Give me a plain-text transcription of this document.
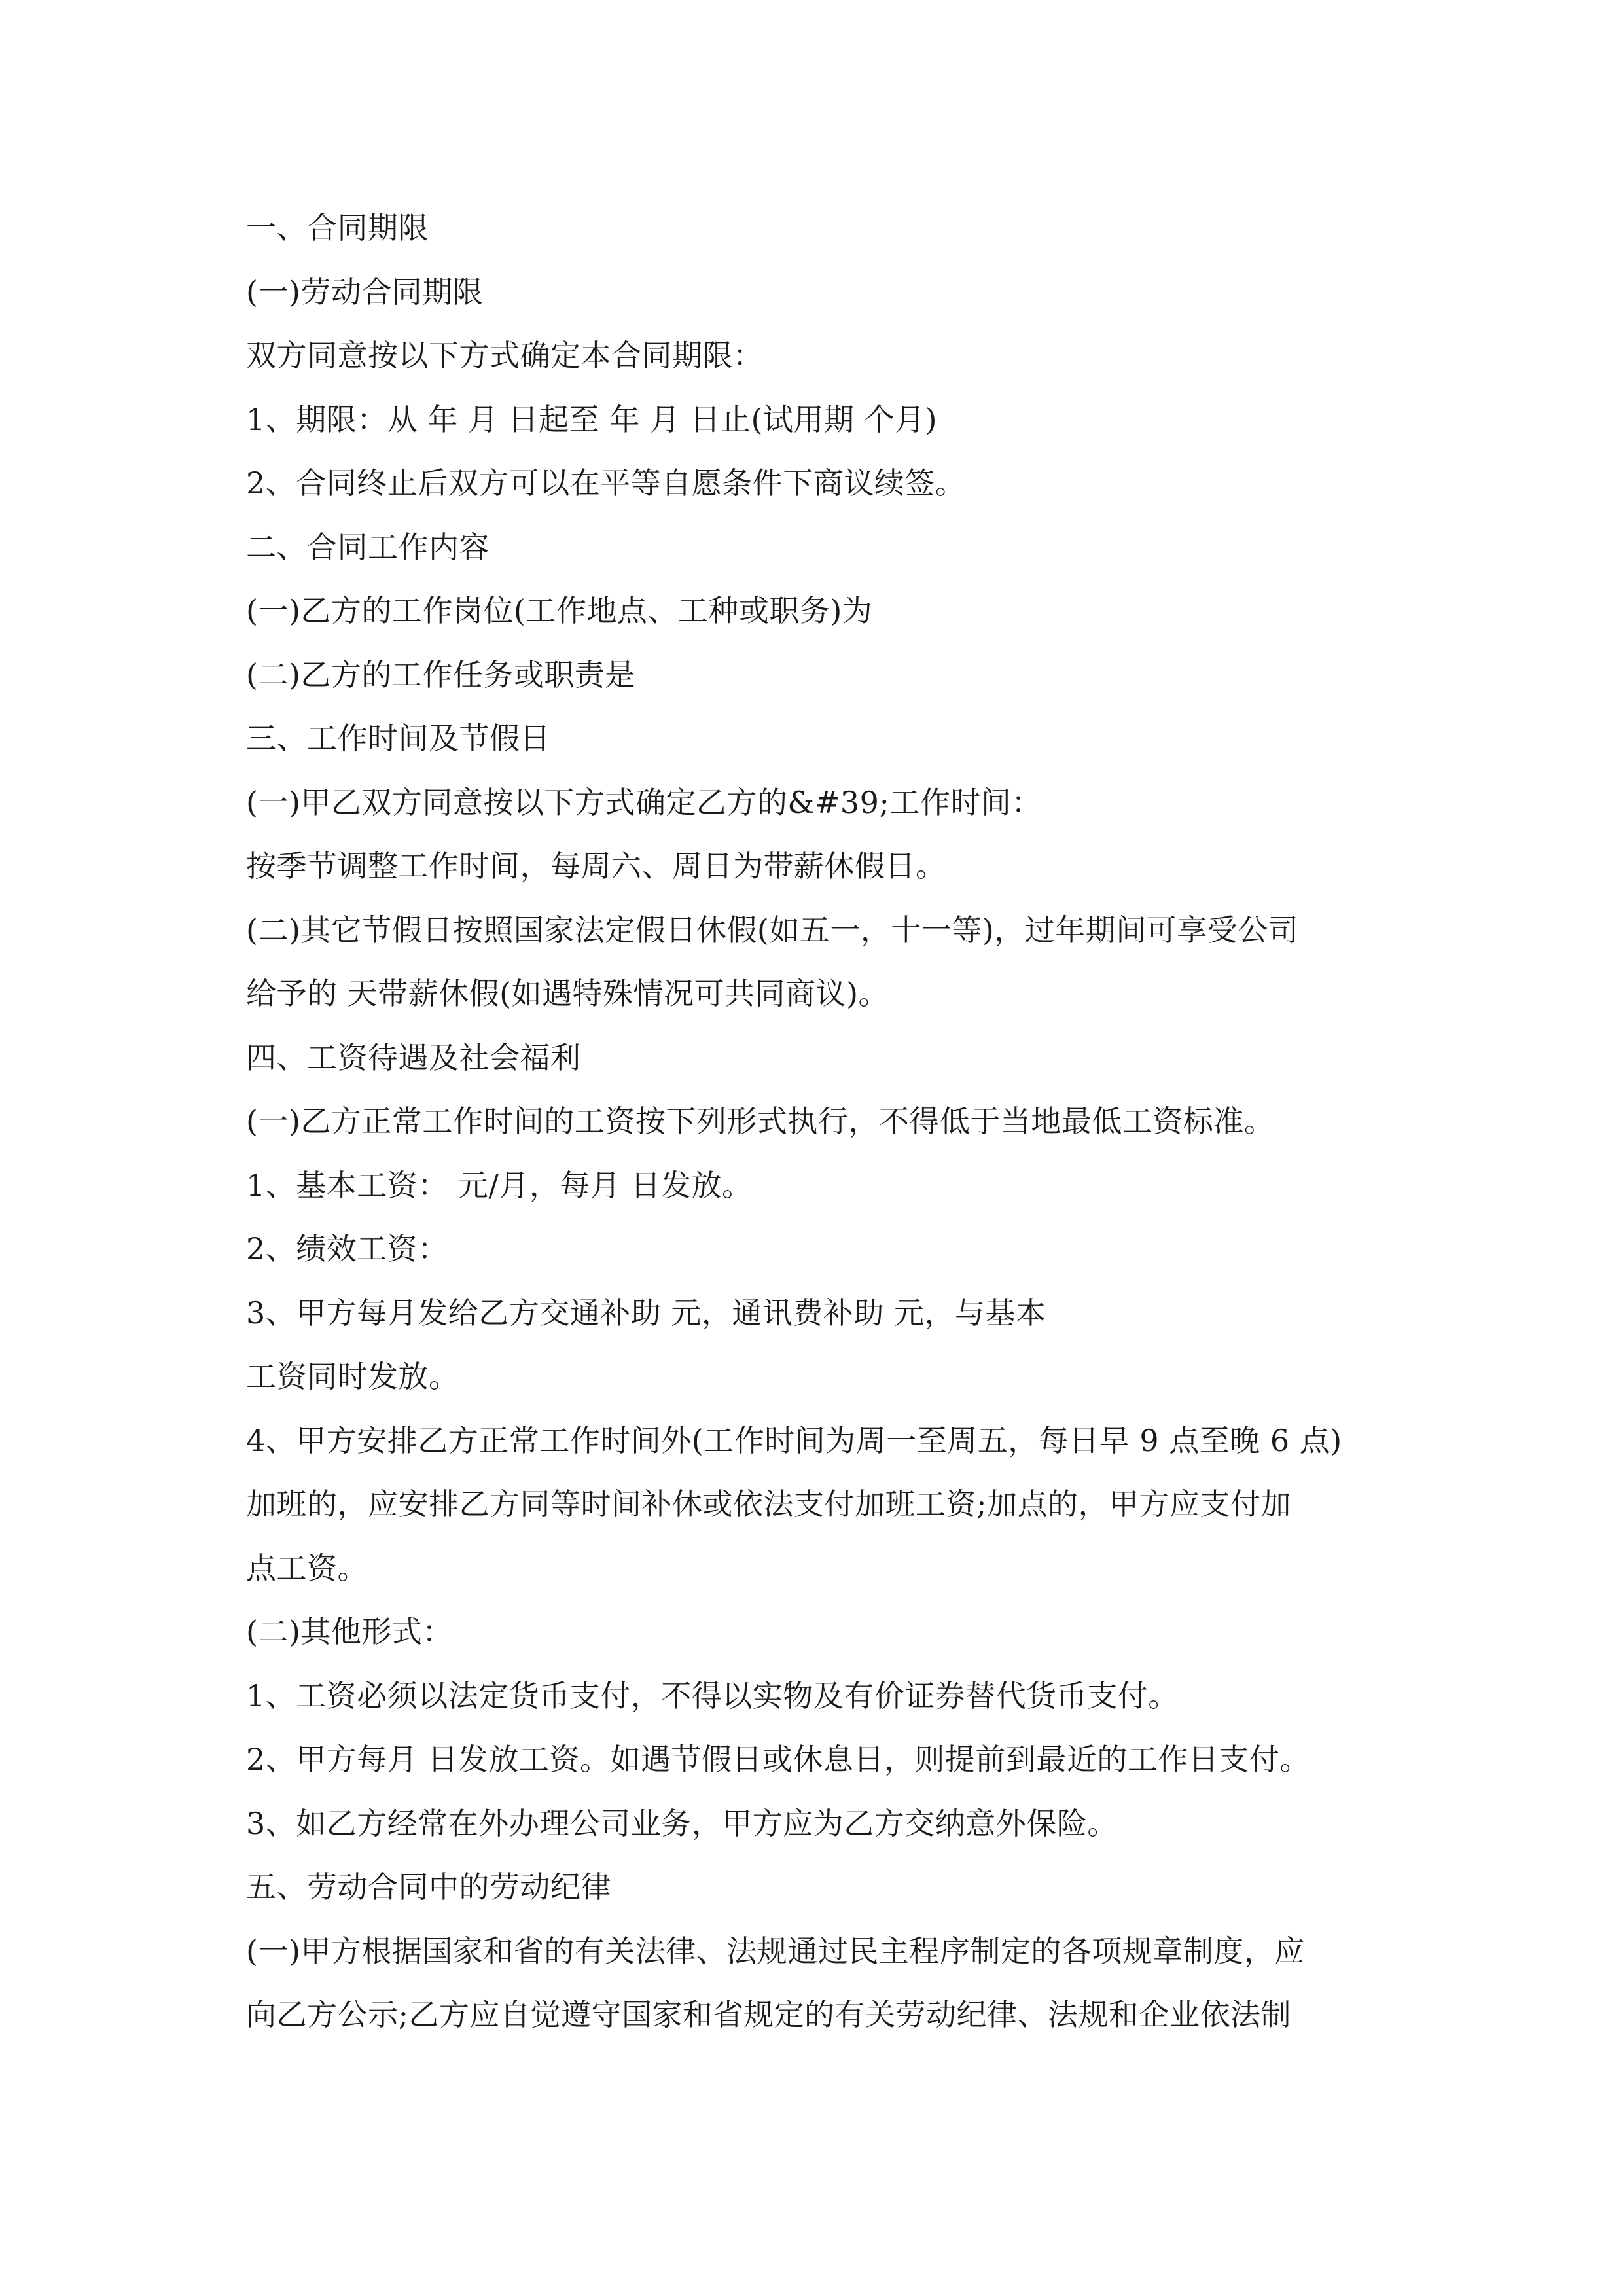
一、合同期限
(一)劳动合同期限
双方同意按以下方式确定本合同期限：
1、期限：从 年 月 日起至 年 月 日止(试用期 个月)
2、合同终止后双方可以在平等自愿条件下商议续签。
二、合同工作内容
(一)乙方的工作岗位(工作地点、工种或职务)为
(二)乙方的工作任务或职责是
三、工作时间及节假日
(一)甲乙双方同意按以下方式确定乙方的&#39;工作时间：
按季节调整工作时间，每周六、周日为带薪休假日。
(二)其它节假日按照国家法定假日休假(如五一，十一等)，过年期间可享受公司
给予的 天带薪休假(如遇特殊情况可共同商议)。
四、工资待遇及社会福利
(一)乙方正常工作时间的工资按下列形式执行，不得低于当地最低工资标准。
1、基本工资： 元/月，每月 日发放。
2、绩效工资：
3、甲方每月发给乙方交通补助 元，通讯费补助 元，与基本
工资同时发放。
4、甲方安排乙方正常工作时间外(工作时间为周一至周五，每日早 9 点至晚 6 点)
加班的，应安排乙方同等时间补休或依法支付加班工资;加点的，甲方应支付加
点工资。
(二)其他形式：
1、工资必须以法定货币支付，不得以实物及有价证券替代货币支付。
2、甲方每月 日发放工资。如遇节假日或休息日，则提前到最近的工作日支付。
3、如乙方经常在外办理公司业务，甲方应为乙方交纳意外保险。
五、劳动合同中的劳动纪律
(一)甲方根据国家和省的有关法律、法规通过民主程序制定的各项规章制度，应
向乙方公示;乙方应自觉遵守国家和省规定的有关劳动纪律、法规和企业依法制
